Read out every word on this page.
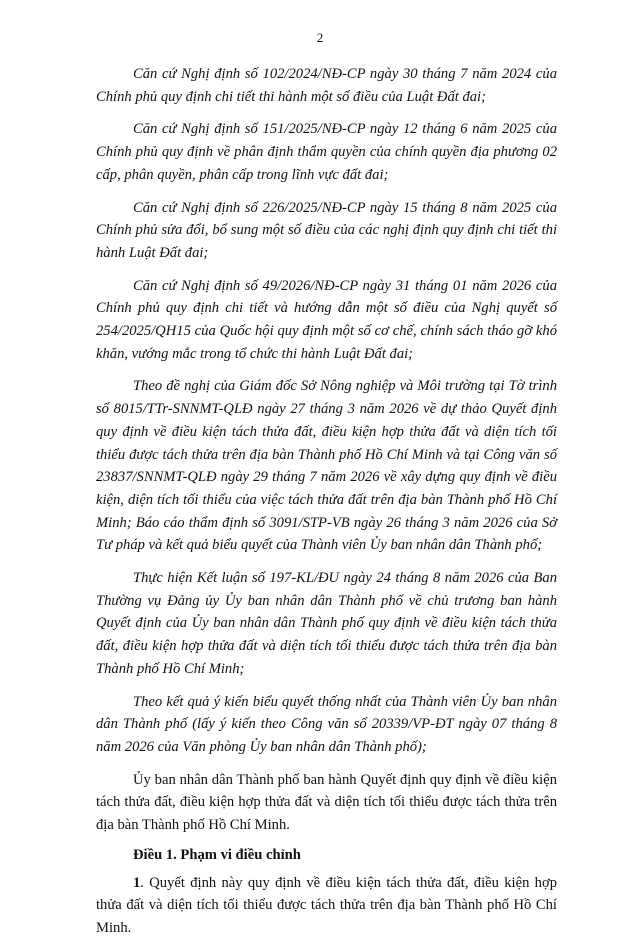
2

Căn cứ Nghị định số 102/2024/NĐ-CP ngày 30 tháng 7 năm 2024 của Chính phủ quy định chi tiết thi hành một số điều của Luật Đất đai;

Căn cứ Nghị định số 151/2025/NĐ-CP ngày 12 tháng 6 năm 2025 của Chính phủ quy định về phân định thẩm quyền của chính quyền địa phương 02 cấp, phân quyền, phân cấp trong lĩnh vực đất đai;

Căn cứ Nghị định số 226/2025/NĐ-CP ngày 15 tháng 8 năm 2025 của Chính phủ sửa đổi, bổ sung một số điều của các nghị định quy định chi tiết thi hành Luật Đất đai;

Căn cứ Nghị định số 49/2026/NĐ-CP ngày 31 tháng 01 năm 2026 của Chính phủ quy định chi tiết và hướng dẫn một số điều của Nghị quyết số 254/2025/QH15 của Quốc hội quy định một số cơ chế, chính sách tháo gỡ khó khăn, vướng mắc trong tổ chức thi hành Luật Đất đai;

Theo đề nghị của Giám đốc Sở Nông nghiệp và Môi trường tại Tờ trình số 8015/TTr-SNNMT-QLĐ ngày 27 tháng 3 năm 2026 về dự thảo Quyết định quy định về điều kiện tách thửa đất, điều kiện hợp thửa đất và diện tích tối thiểu được tách thửa trên địa bàn Thành phố Hồ Chí Minh và tại Công văn số 23837/SNNMT-QLĐ ngày 29 tháng 7 năm 2026 về xây dựng quy định về điều kiện, diện tích tối thiểu của việc tách thửa đất trên địa bàn Thành phố Hồ Chí Minh; Báo cáo thẩm định số 3091/STP-VB ngày 26 tháng 3 năm 2026 của Sở Tư pháp và kết quả biểu quyết của Thành viên Ủy ban nhân dân Thành phố;

Thực hiện Kết luận số 197-KL/ĐU ngày 24 tháng 8 năm 2026 của Ban Thường vụ Đảng ủy Ủy ban nhân dân Thành phố về chủ trương ban hành Quyết định của Ủy ban nhân dân Thành phố quy định về điều kiện tách thửa đất, điều kiện hợp thửa đất và diện tích tối thiểu được tách thửa trên địa bàn Thành phố Hồ Chí Minh;

Theo kết quả ý kiến biểu quyết thống nhất của Thành viên Ủy ban nhân dân Thành phố (lấy ý kiến theo Công văn số 20339/VP-ĐT ngày 07 tháng 8 năm 2026 của Văn phòng Ủy ban nhân dân Thành phố);

Ủy ban nhân dân Thành phố ban hành Quyết định quy định về điều kiện tách thửa đất, điều kiện hợp thửa đất và diện tích tối thiểu được tách thửa trên địa bàn Thành phố Hồ Chí Minh.

Điều 1. Phạm vi điều chỉnh

1. Quyết định này quy định về điều kiện tách thửa đất, điều kiện hợp thửa đất và diện tích tối thiểu được tách thửa trên địa bàn Thành phố Hồ Chí Minh.
